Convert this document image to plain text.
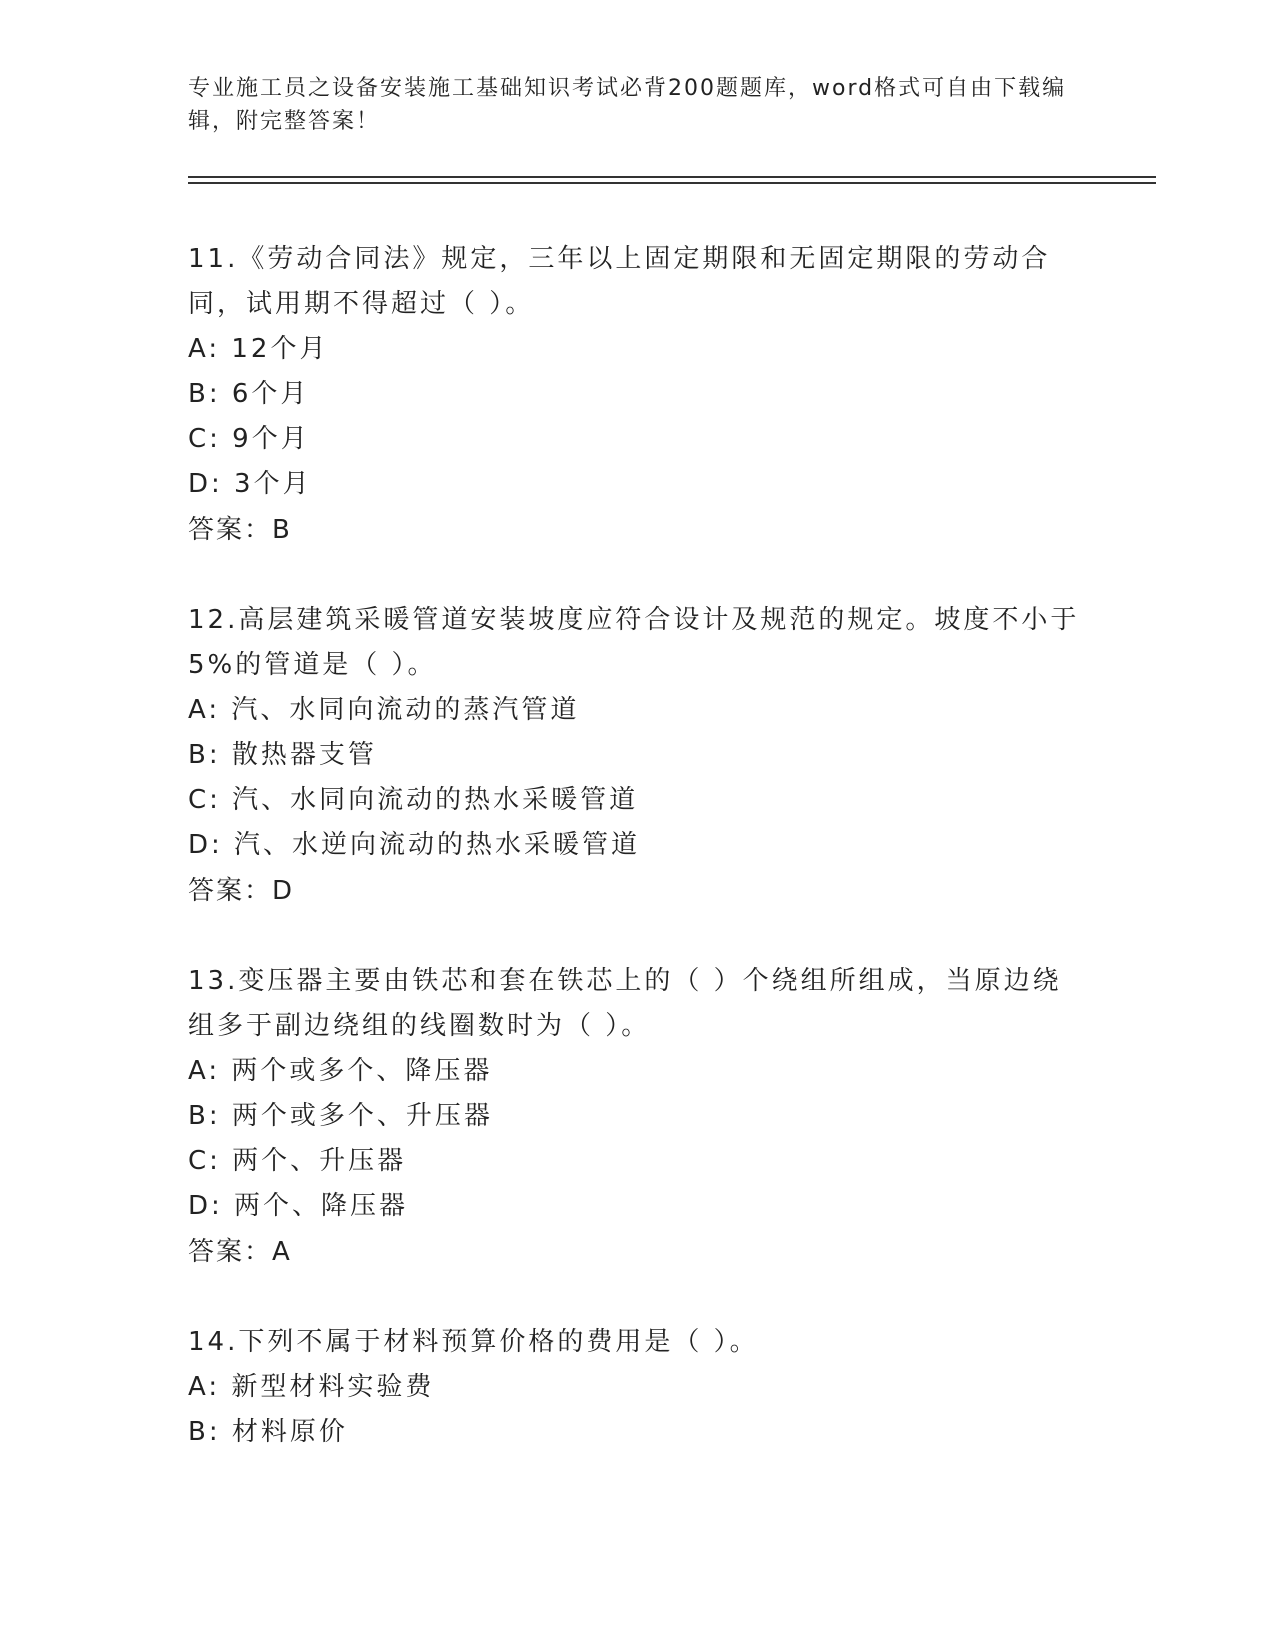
专业施工员之设备安装施工基础知识考试必背200题题库，word格式可自由下载编辑，附完整答案！
11.《劳动合同法》规定，三年以上固定期限和无固定期限的劳动合同，试用期不得超过（ ）。
A: 12个月
B: 6个月
C: 9个月
D: 3个月
答案：B
12.高层建筑采暖管道安装坡度应符合设计及规范的规定。坡度不小于5%的管道是（ ）。
A: 汽、水同向流动的蒸汽管道
B: 散热器支管
C: 汽、水同向流动的热水采暖管道
D: 汽、水逆向流动的热水采暖管道
答案：D
13.变压器主要由铁芯和套在铁芯上的（ ）个绕组所组成，当原边绕组多于副边绕组的线圈数时为（ ）。
A: 两个或多个、降压器
B: 两个或多个、升压器
C: 两个、升压器
D: 两个、降压器
答案：A
14.下列不属于材料预算价格的费用是（ ）。
A: 新型材料实验费
B: 材料原价
